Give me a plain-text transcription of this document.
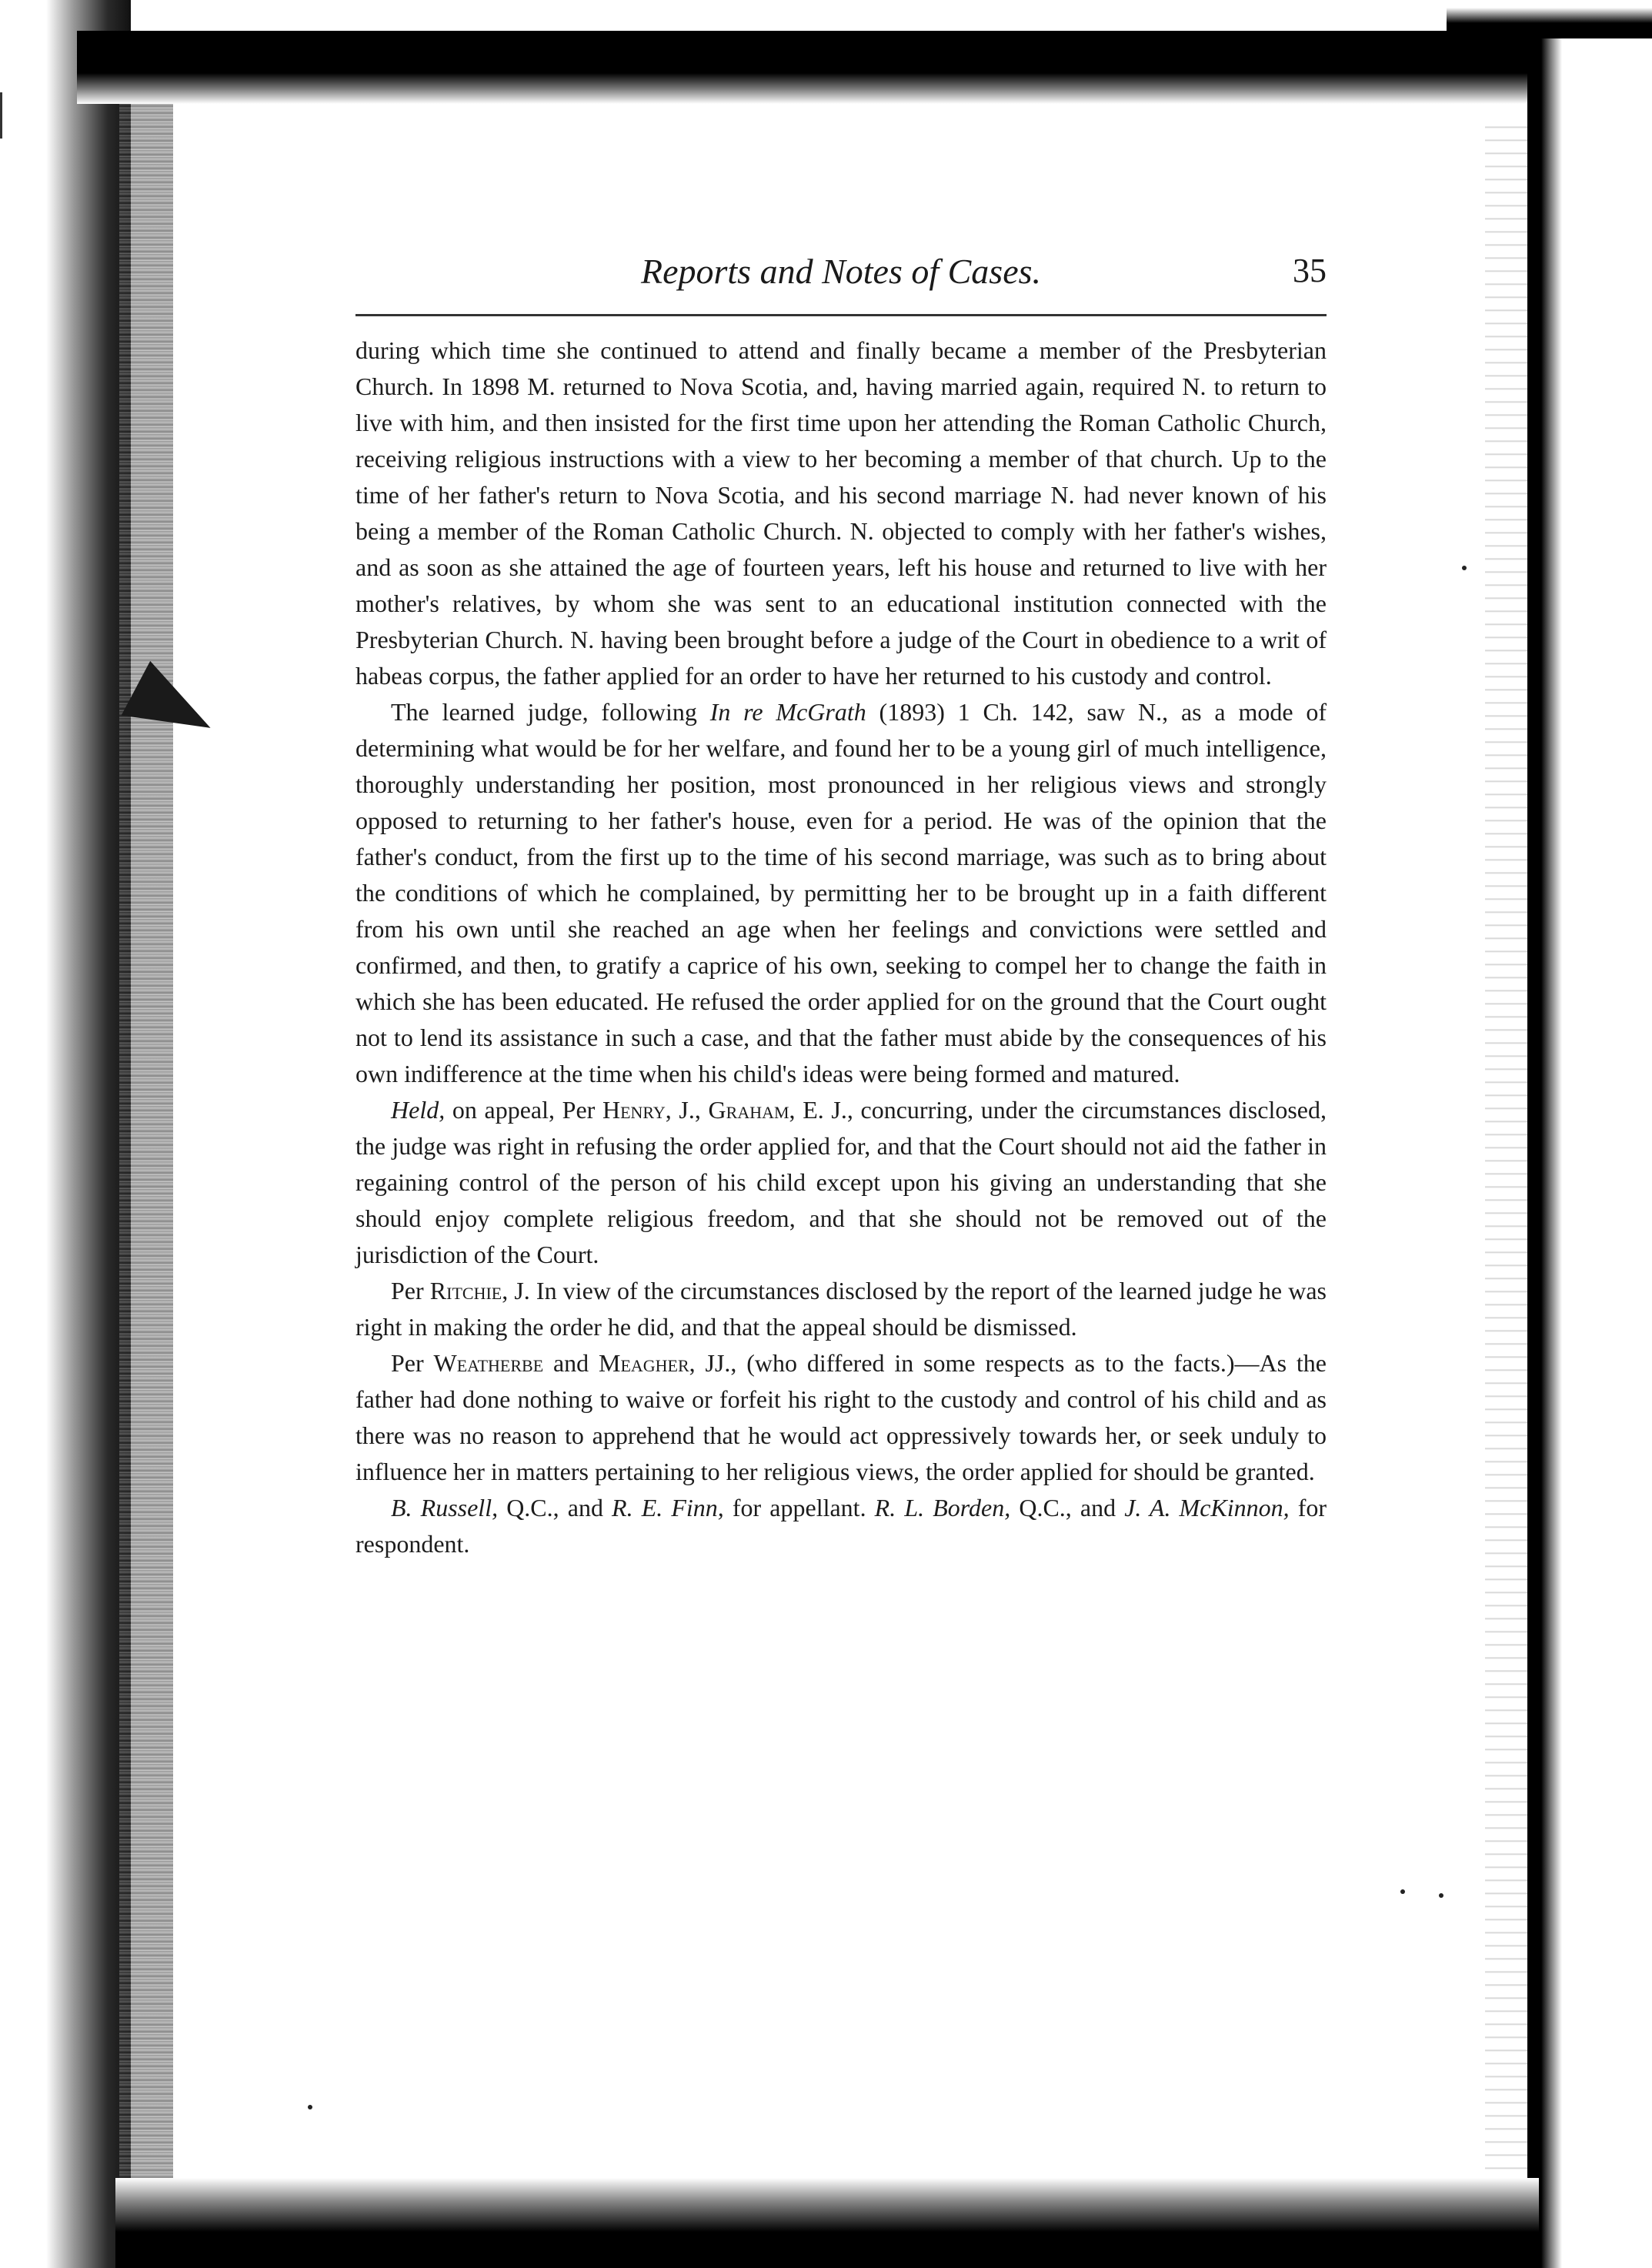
Reports and Notes of Cases.	35

during which time she continued to attend and finally became a member of the Presbyterian Church. In 1898 M. returned to Nova Scotia, and, having married again, required N. to return to live with him, and then insisted for the first time upon her attending the Roman Catholic Church, receiving religious instructions with a view to her becoming a member of that church. Up to the time of her father's return to Nova Scotia, and his second marriage N. had never known of his being a member of the Roman Catholic Church. N. objected to comply with her father's wishes, and as soon as she attained the age of fourteen years, left his house and returned to live with her mother's relatives, by whom she was sent to an educational institution connected with the Presbyterian Church. N. having been brought before a judge of the Court in obedience to a writ of habeas corpus, the father applied for an order to have her returned to his custody and control.

The learned judge, following In re McGrath (1893) 1 Ch. 142, saw N., as a mode of determining what would be for her welfare, and found her to be a young girl of much intelligence, thoroughly understanding her position, most pronounced in her religious views and strongly opposed to returning to her father's house, even for a period. He was of the opinion that the father's conduct, from the first up to the time of his second marriage, was such as to bring about the conditions of which he complained, by permitting her to be brought up in a faith different from his own until she reached an age when her feelings and convictions were settled and confirmed, and then, to gratify a caprice of his own, seeking to compel her to change the faith in which she has been educated. He refused the order applied for on the ground that the Court ought not to lend its assistance in such a case, and that the father must abide by the consequences of his own indifference at the time when his child's ideas were being formed and matured.

Held, on appeal, Per Henry, J., Graham, E. J., concurring, under the circumstances disclosed, the judge was right in refusing the order applied for, and that the Court should not aid the father in regaining control of the person of his child except upon his giving an understanding that she should enjoy complete religious freedom, and that she should not be removed out of the jurisdiction of the Court.

Per Ritchie, J. In view of the circumstances disclosed by the report of the learned judge he was right in making the order he did, and that the appeal should be dismissed.

Per Weatherbe and Meagher, JJ., (who differed in some respects as to the facts.)—As the father had done nothing to waive or forfeit his right to the custody and control of his child and as there was no reason to apprehend that he would act oppressively towards her, or seek unduly to influence her in matters pertaining to her religious views, the order applied for should be granted.

B. Russell, Q.C., and R. E. Finn, for appellant. R. L. Borden, Q.C., and J. A. McKinnon, for respondent.
